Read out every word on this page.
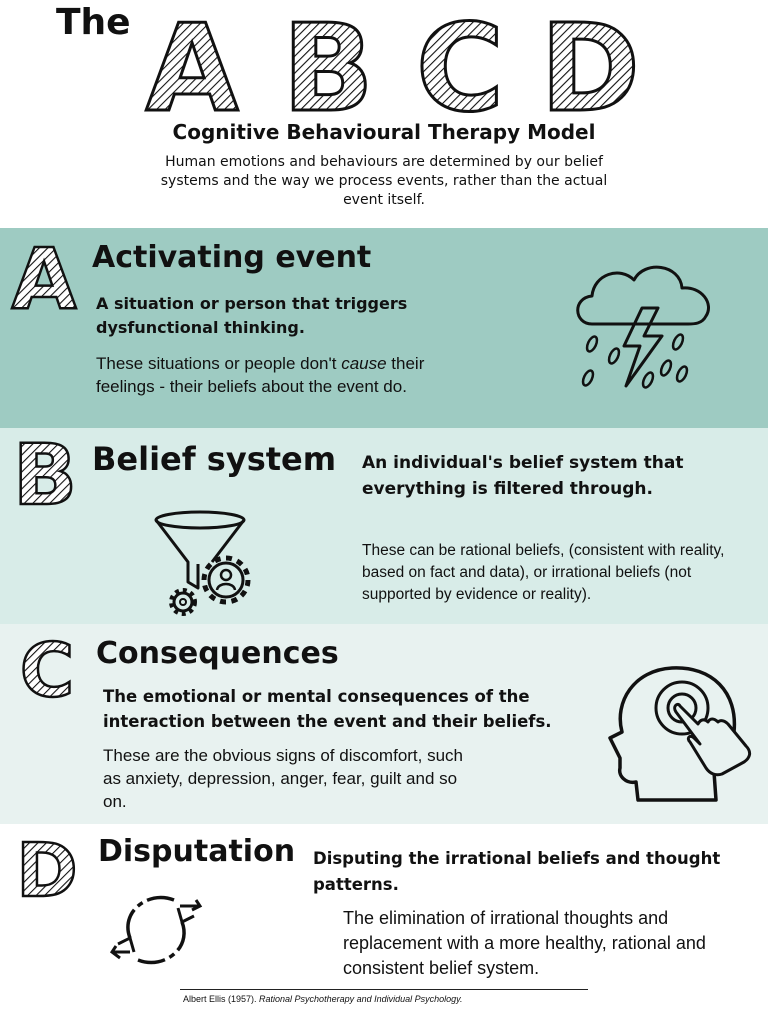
The A B C D
Cognitive Behavioural Therapy Model
Human emotions and behaviours are determined by our belief systems and the way we process events, rather than the actual event itself.
A Activating event
A situation or person that triggers dysfunctional thinking.
These situations or people don't cause their feelings - their beliefs about the event do.
B Belief system An individual's belief system that everything is filtered through.
These can be rational beliefs, (consistent with reality, based on fact and data), or irrational beliefs (not supported by evidence or reality).
C Consequences
The emotional or mental consequences of the interaction between the event and their beliefs.
These are the obvious signs of discomfort, such as anxiety, depression, anger, fear, guilt and so on.
D Disputation Disputing the irrational beliefs and thought patterns.
The elimination of irrational thoughts and replacement with a more healthy, rational and consistent belief system.
Albert Ellis (1957). Rational Psychotherapy and Individual Psychology.
